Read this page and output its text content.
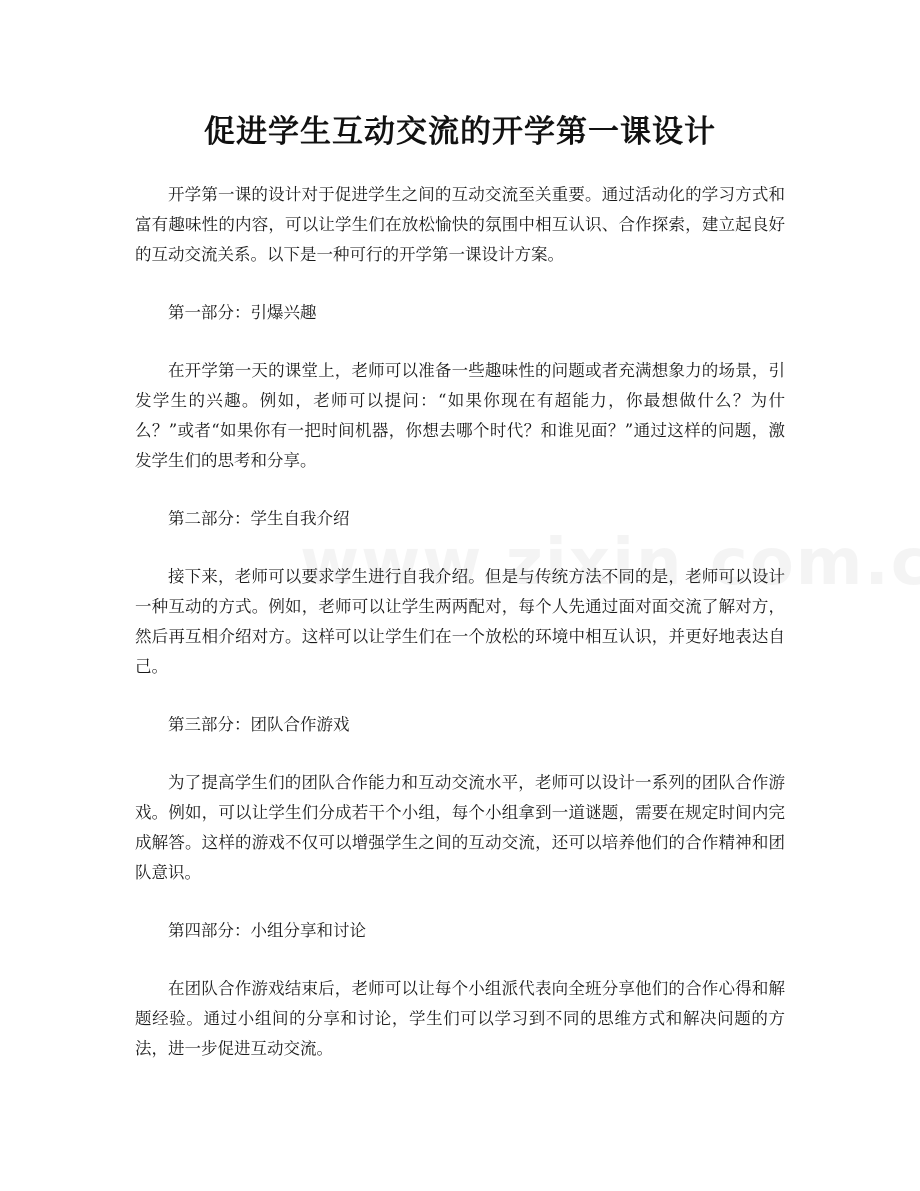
促进学生互动交流的开学第一课设计

开学第一课的设计对于促进学生之间的互动交流至关重要。通过活动化的学习方式和富有趣味性的内容，可以让学生们在放松愉快的氛围中相互认识、合作探索，建立起良好的互动交流关系。以下是一种可行的开学第一课设计方案。

第一部分：引爆兴趣

在开学第一天的课堂上，老师可以准备一些趣味性的问题或者充满想象力的场景，引发学生的兴趣。例如，老师可以提问：“如果你现在有超能力，你最想做什么？为什么？”或者“如果你有一把时间机器，你想去哪个时代？和谁见面？”通过这样的问题，激发学生们的思考和分享。

第二部分：学生自我介绍

接下来，老师可以要求学生进行自我介绍。但是与传统方法不同的是，老师可以设计一种互动的方式。例如，老师可以让学生两两配对，每个人先通过面对面交流了解对方，然后再互相介绍对方。这样可以让学生们在一个放松的环境中相互认识，并更好地表达自己。

第三部分：团队合作游戏

为了提高学生们的团队合作能力和互动交流水平，老师可以设计一系列的团队合作游戏。例如，可以让学生们分成若干个小组，每个小组拿到一道谜题，需要在规定时间内完成解答。这样的游戏不仅可以增强学生之间的互动交流，还可以培养他们的合作精神和团队意识。

第四部分：小组分享和讨论

在团队合作游戏结束后，老师可以让每个小组派代表向全班分享他们的合作心得和解题经验。通过小组间的分享和讨论，学生们可以学习到不同的思维方式和解决问题的方法，进一步促进互动交流。
